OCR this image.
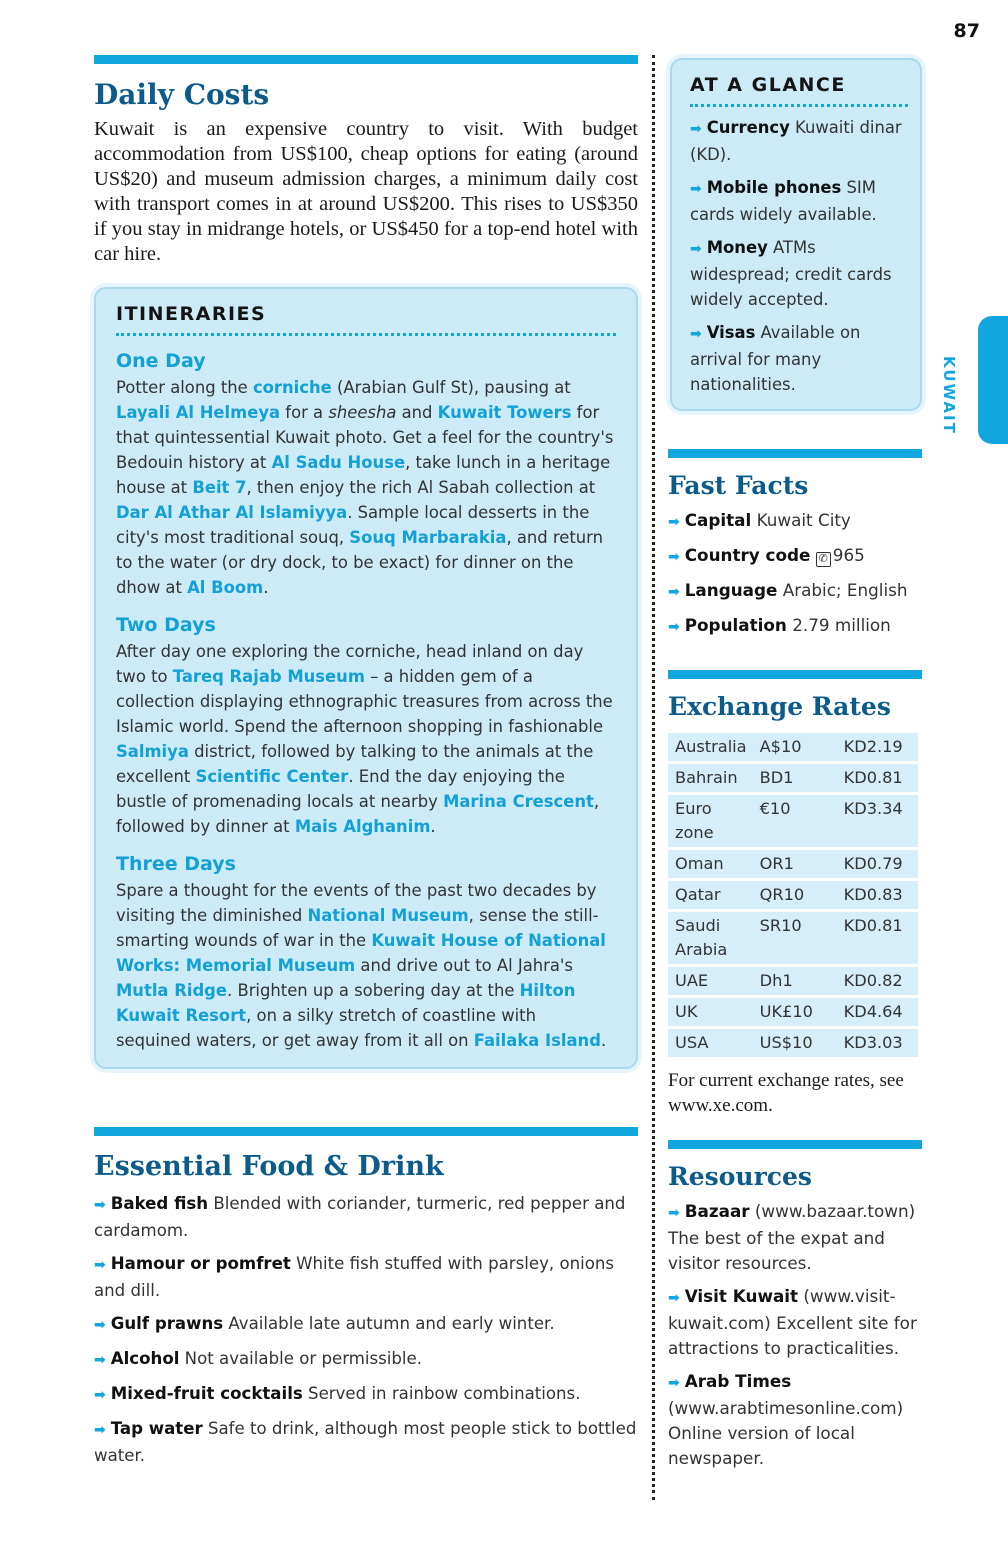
87
KUWAIT
Daily Costs

Kuwait is an expensive country to visit. With budget accommodation from US$100, cheap options for eating (around US$20) and museum admission charges, a minimum daily cost with transport comes in at around US$200. This rises to US$350 if you stay in midrange hotels, or US$450 for a top-end hotel with car hire.

ITINERARIES
One Day

Potter along the corniche (Arabian Gulf St), pausing at Layali Al Helmeya for a sheesha and Kuwait Towers for that quintessential Kuwait photo. Get a feel for the country's Bedouin history at Al Sadu House, take lunch in a heritage house at Beit 7, then enjoy the rich Al Sabah collection at Dar Al Athar Al Islamiyya. Sample local desserts in the city's most traditional souq, Souq Marbarakia, and return to the water (or dry dock, to be exact) for dinner on the dhow at Al Boom.

Two Days

After day one exploring the corniche, head inland on day two to Tareq Rajab Museum – a hidden gem of a collection displaying ethnographic treasures from across the Islamic world. Spend the afternoon shopping in fashionable Salmiya district, followed by talking to the animals at the excellent Scientific Center. End the day enjoying the bustle of promenading locals at nearby Marina Crescent, followed by dinner at Mais Alghanim.

Three Days

Spare a thought for the events of the past two decades by visiting the diminished National Museum, sense the still-smarting wounds of war in the Kuwait House of National Works: Memorial Museum and drive out to Al Jahra's Mutla Ridge. Brighten up a sobering day at the Hilton Kuwait Resort, on a silky stretch of coastline with sequined waters, or get away from it all on Failaka Island.

Essential Food & Drink
➡ Baked fish Blended with coriander, turmeric, red pepper and cardamom.
➡ Hamour or pomfret White fish stuffed with parsley, onions and dill.
➡ Gulf prawns Available late autumn and early winter.
➡ Alcohol Not available or permissible.
➡ Mixed-fruit cocktails Served in rainbow combinations.
➡ Tap water Safe to drink, although most people stick to bottled water.
AT A GLANCE
➡ Currency Kuwaiti dinar (KD).
➡ Mobile phones SIM cards widely available.
➡ Money ATMs widespread; credit cards widely accepted.
➡ Visas Available on arrival for many nationalities.
Fast Facts
➡ Capital Kuwait City
➡ Country code ✆ 965
➡ Language Arabic; English
➡ Population 2.79 million
Exchange Rates
Australia	A$10	KD2.19
Bahrain	BD1	KD0.81
Euro zone	€10	KD3.34
Oman	OR1	KD0.79
Qatar	QR10	KD0.83
Saudi Arabia	SR10	KD0.81
UAE	Dh1	KD0.82
UK	UK£10	KD4.64
USA	US$10	KD3.03

For current exchange rates, see www.xe.com.

Resources
➡ Bazaar (www.bazaar.town) The best of the expat and visitor resources.
➡ Visit Kuwait (www.visit-kuwait.com) Excellent site for attractions to practicalities.
➡ Arab Times (www.arabtimesonline.com) Online version of local newspaper.
